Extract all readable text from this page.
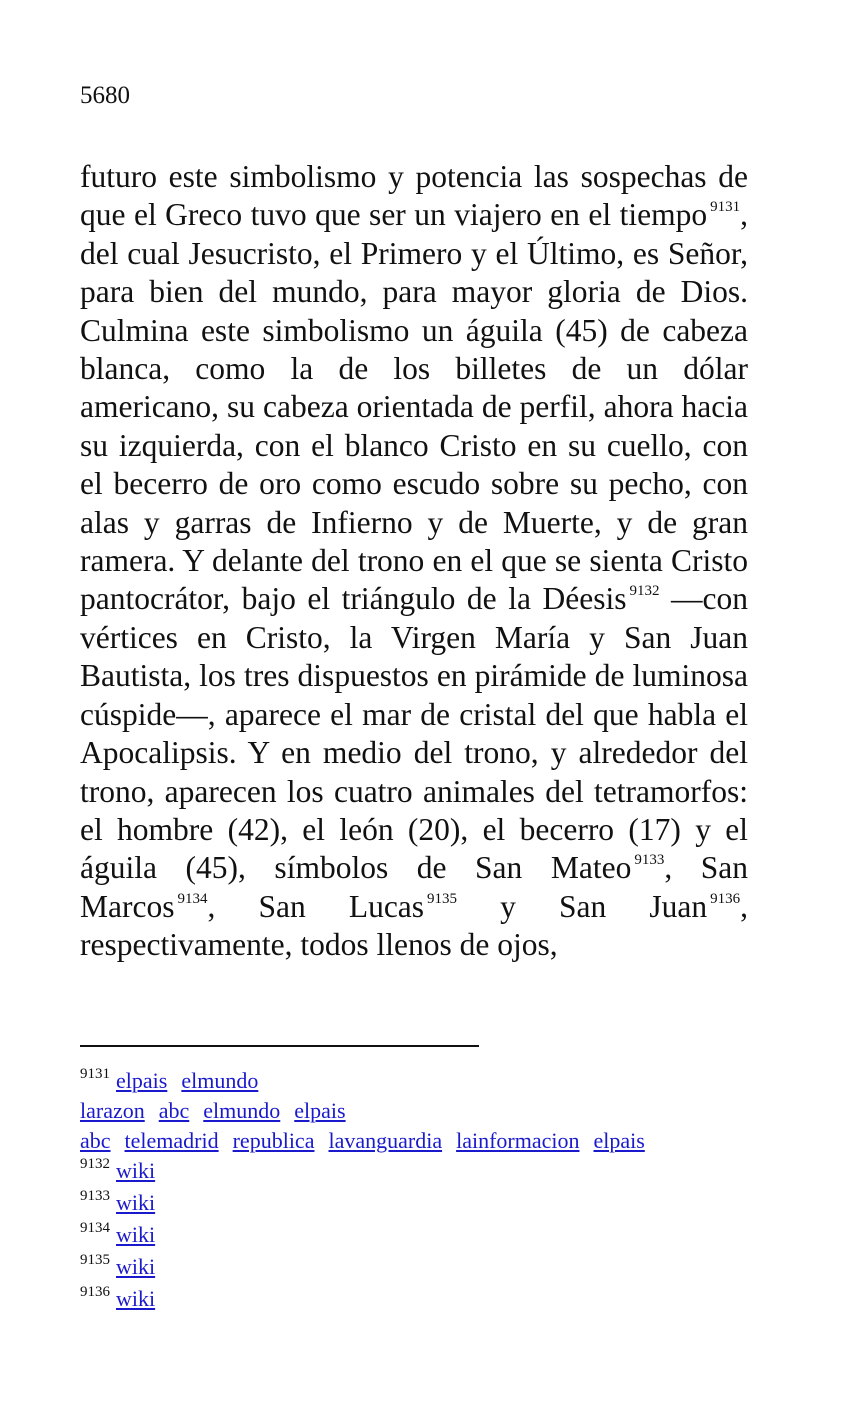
5680

futuro este simbolismo y potencia las sospechas de que el Greco tuvo que ser un viajero en el tiempo $^{9131}$, del cual Jesucristo, el Primero y el Último, es Señor, para bien del mundo, para mayor gloria de Dios. Culmina este simbolismo un águila (45) de cabeza blanca, como la de los billetes de un dólar americano, su cabeza orientada de perfil, ahora hacia su izquierda, con el blanco Cristo en su cuello, con el becerro de oro como escudo sobre su pecho, con alas y garras de Infierno y de Muerte, y de gran ramera. Y delante del trono en el que se sienta Cristo pantocrátor, bajo el triángulo de la Déesis $^{9132}$ —con vértices en Cristo, la Virgen María y San Juan Bautista, los tres dispuestos en pirámide de luminosa cúspide—, aparece el mar de cristal del que habla el Apocalipsis. Y en medio del trono, y alrededor del trono, aparecen los cuatro animales del tetramorfos: el hombre (42), el león (20), el becerro (17) y el águila (45), símbolos de San Mateo $^{9133}$, San Marcos $^{9134}$, San Lucas $^{9135}$ y San Juan $^{9136}$, respectivamente, todos llenos de ojos,

$^{9131}$ elpais elmundo
larazon abc elmundo elpais
abc telemadrid republica lavanguardia lainformacion elpais
$^{9132}$ wiki
$^{9133}$ wiki
$^{9134}$ wiki
$^{9135}$ wiki
$^{9136}$ wiki
